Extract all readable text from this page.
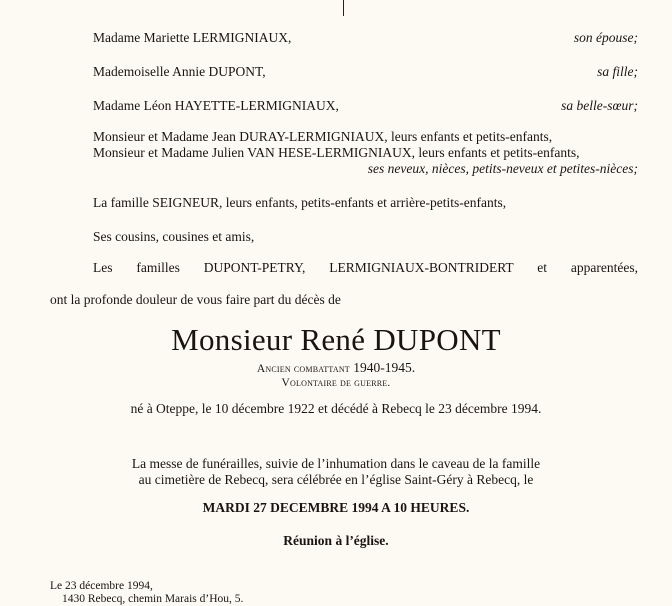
Madame Mariette LERMIGNIAUX,	son épouse;
Mademoiselle Annie DUPONT,	sa fille;
Madame Léon HAYETTE-LERMIGNIAUX,	sa belle-sœur;
Monsieur et Madame Jean DURAY-LERMIGNIAUX, leurs enfants et petits-enfants,
Monsieur et Madame Julien VAN HESE-LERMIGNIAUX, leurs enfants et petits-enfants,
ses neveux, nièces, petits-neveux et petites-nièces;
La famille SEIGNEUR, leurs enfants, petits-enfants et arrière-petits-enfants,
Ses cousins, cousines et amis,
Les familles DUPONT-PETRY, LERMIGNIAUX-BONTRIDERT et apparentées,
ont la profonde douleur de vous faire part du décès de
Monsieur René DUPONT
Ancien combattant 1940-1945.
Volontaire de guerre.
né à Oteppe, le 10 décembre 1922 et décédé à Rebecq le 23 décembre 1994.
La messe de funérailles, suivie de l’inhumation dans le caveau de la famille
au cimetière de Rebecq, sera célébrée en l’église Saint-Géry à Rebecq, le
MARDI 27 DECEMBRE 1994 A 10 HEURES.
Réunion à l’église.
Le 23 décembre 1994,
1430 Rebecq, chemin Marais d’Hou, 5.
